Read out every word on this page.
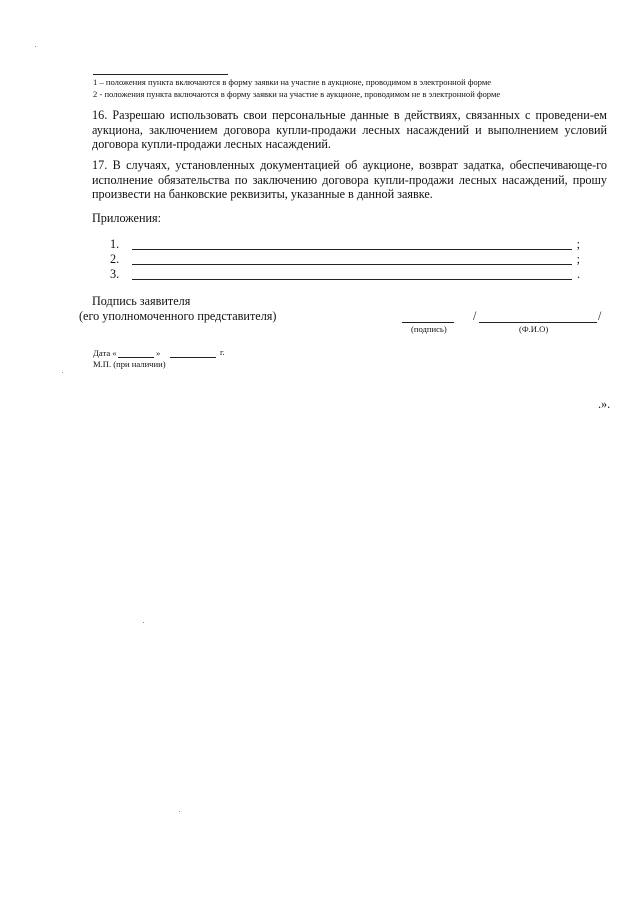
1 – положения пункта включаются в форму заявки на участие в аукционе, проводимом в электронной форме
2 - положения пункта включаются в форму заявки на участие в аукционе, проводимом не в электронной форме
16. Разрешаю использовать свои персональные данные в действиях, связанных с проведени-ем аукциона, заключением договора купли-продажи лесных насаждений и выполнением условий договора купли-продажи лесных насаждений.
17. В случаях, установленных документацией об аукционе, возврат задатка, обеспечивающе-го исполнение обязательства по заключению договора купли-продажи лесных насаждений, прошу произвести на банковские реквизиты, указанные в данной заявке.
Приложения:
1.	;
2.	;
3.	.
Подпись заявителя
(его уполномоченного представителя)	/	/
(подпись)	(Ф.И.О)
Дата «	»	г.
М.П. (при наличии)
.».
